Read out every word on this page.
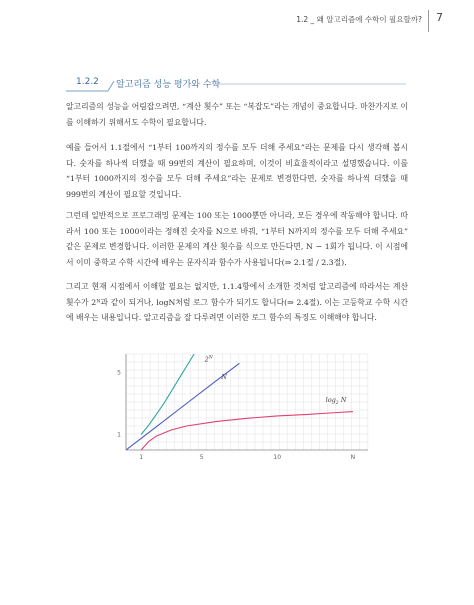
1.2 _ 왜 알고리즘에 수학이 필요할까? 7
1.2.2 알고리즘 성능 평가와 수학
알고리즘의 성능을 어림잡으려면, “계산 횟수” 또는 “복잡도”라는 개념이 중요합니다. 마찬가지로 이를 이해하기 위해서도 수학이 필요합니다.
예를 들어서 1.1절에서 “1부터 100까지의 정수를 모두 더해 주세요”라는 문제를 다시 생각해 봅시다. 숫자를 하나씩 더했을 때 99번의 계산이 필요하며, 이것이 비효율적이라고 설명했습니다. 이를 “1부터 1000까지의 정수를 모두 더해 주세요”라는 문제로 변경한다면, 숫자를 하나씩 더했을 때 999번의 계산이 필요할 것입니다.
그런데 일반적으로 프로그래밍 문제는 100 또는 1000뿐만 아니라, 모든 경우에 작동해야 합니다. 따라서 100 또는 1000이라는 정해진 숫자를 N으로 바꿔, “1부터 N까지의 정수를 모두 더해 주세요” 같은 문제로 변경합니다. 이러한 문제의 계산 횟수를 식으로 만든다면, N − 1회가 됩니다. 이 시점에서 이미 중학교 수학 시간에 배우는 문자식과 함수가 사용됩니다(⇒ 2.1절 / 2.3절).
그리고 현재 시점에서 이해할 필요는 없지만, 1.1.4항에서 소개한 것처럼 알고리즘에 따라서는 계산 횟수가 2ᴺ과 같이 되거나, logN처럼 로그 함수가 되기도 합니다(⇒ 2.4절). 이는 고등학교 수학 시간에 배우는 내용입니다. 알고리즘을 잘 다루려면 이러한 로그 함수의 특징도 이해해야 합니다.
1	5	10	N
1
5
$2^N$
N
$\log_2 N$
